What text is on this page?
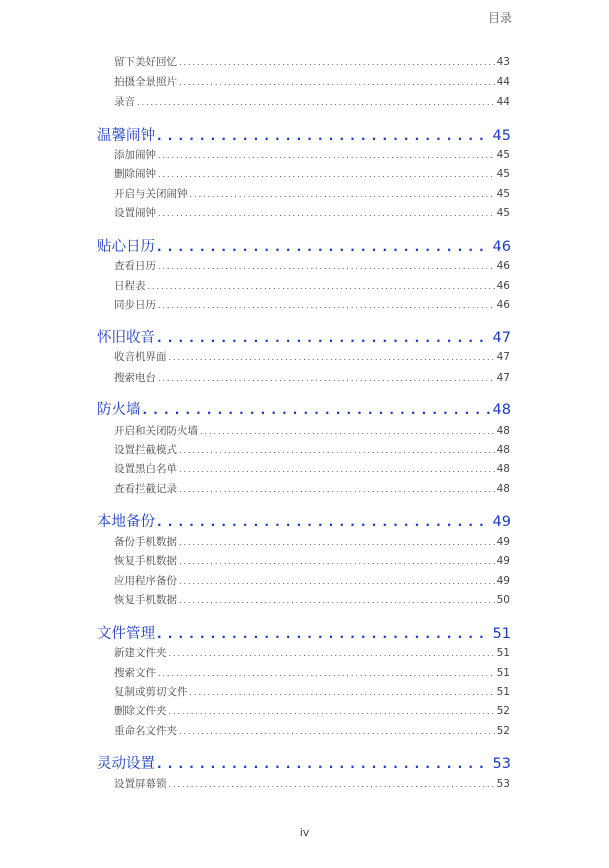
目录
留下美好回忆 . . .	43
拍摄全景照片 . . .	44
录音 . . .	44
温馨闹钟 . . .	45
添加闹钟 . . .	45
删除闹钟 . . .	45
开启与关闭闹钟 . . .	45
设置闹钟 . . .	45
贴心日历 . . .	46
查看日历 . . .	46
日程表 . . .	46
同步日历 . . .	46
怀旧收音 . . .	47
收音机界面 . . .	47
搜索电台 . . .	47
防火墙 . . .	48
开启和关闭防火墙 . . .	48
设置拦截模式 . . .	48
设置黑白名单 . . .	48
查看拦截记录 . . .	48
本地备份 . . .	49
备份手机数据 . . .	49
恢复手机数据 . . .	49
应用程序备份 . . .	49
恢复手机数据 . . .	50
文件管理 . . .	51
新建文件夹 . . .	51
搜索文件 . . .	51
复制或剪切文件 . . .	51
删除文件夹 . . .	52
重命名文件夹 . . .	52
灵动设置 . . .	53
设置屏幕锁 . . .	53
iv
